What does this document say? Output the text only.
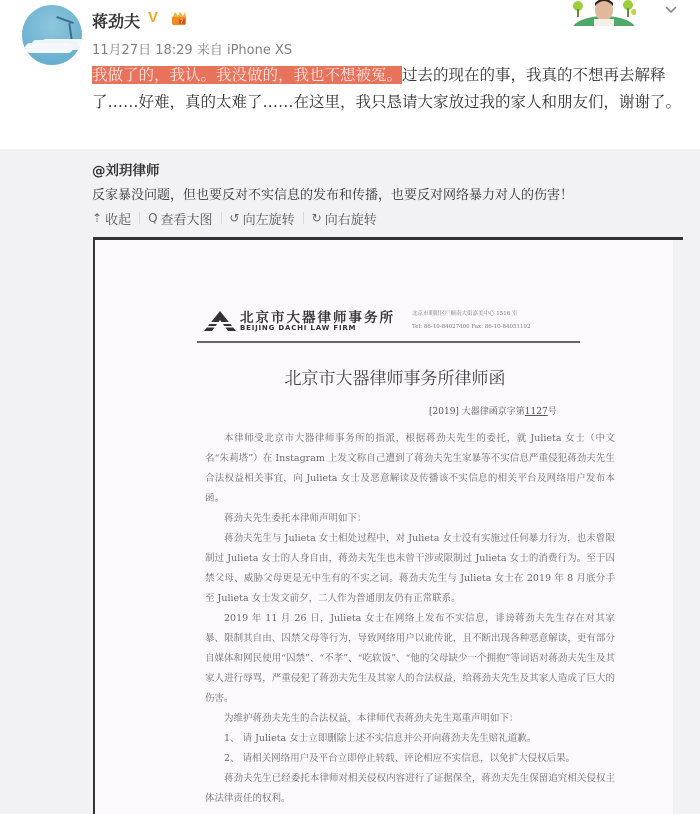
蒋劲夫 V	7
11月27日 18:29 来自 iPhone XS
我做了的，我认。我没做的，我也不想被冤。过去的现在的事，我真的不想再去解释了……好难，真的太难了……在这里，我只恳请大家放过我的家人和朋友们，谢谢了。
@刘玥律师
反家暴没问题，但也要反对不实信息的发布和传播，也要反对网络暴力对人的伤害！
⇡ 收起 Q 查看大图 ↺ 向左旋转 ↻ 向右旋转
北京市大器律师事务所
BEIJING DACHI LAW FIRM
北京市朝阳区广顺南大街嘉美中心 1516 室
Tel: 86-10-84027400 Fax: 86-10-84051192
北京市大器律师事务所律师函
[2019] 大器律函京字第1127号

本律师受北京市大器律师事务所的指派，根据蒋劲夫先生的委托，就 Julieta 女士（中文名“朱莉塔”）在 Instagram 上发文称自己遭到了蒋劲夫先生家暴等不实信息严重侵犯蒋劲夫先生合法权益相关事宜，向 Julieta 女士及恶意解读及传播该不实信息的相关平台及网络用户发布本函。

蒋劲夫先生委托本律师声明如下：

蒋劲夫先生与 Julieta 女士相处过程中，对 Julieta 女士没有实施过任何暴力行为，也未曾限制过 Julieta 女士的人身自由，蒋劲夫先生也未曾干涉或限制过 Julieta 女士的消费行为。至于囚禁父母、威胁父母更是无中生有的不实之词。蒋劲夫先生与 Julieta 女士在 2019 年 8 月底分手至 Julieta 女士发文前夕，二人作为普通朋友仍有正常联系。

2019 年 11 月 26 日，Julieta 女士在网络上发布不实信息，诽谤蒋劲夫先生存在对其家暴、限制其自由、囚禁父母等行为，导致网络用户以讹传讹，且不断出现各种恶意解读，更有部分自媒体和网民使用“囚禁”、“不孝”、“吃软饭”、“他的父母缺少一个拥抱”等词语对蒋劲夫先生及其家人进行辱骂，严重侵犯了蒋劲夫先生及其家人的合法权益，给蒋劲夫先生及其家人造成了巨大的伤害。

为维护蒋劲夫先生的合法权益，本律师代表蒋劲夫先生郑重声明如下：

1、 请 Julieta 女士立即删除上述不实信息并公开向蒋劲夫先生赔礼道歉。

2、 请相关网络用户及平台立即停止转载、评论相应不实信息，以免扩大侵权后果。

蒋劲夫先生已经委托本律师对相关侵权内容进行了证据保全，蒋劲夫先生保留追究相关侵权主体法律责任的权利。
